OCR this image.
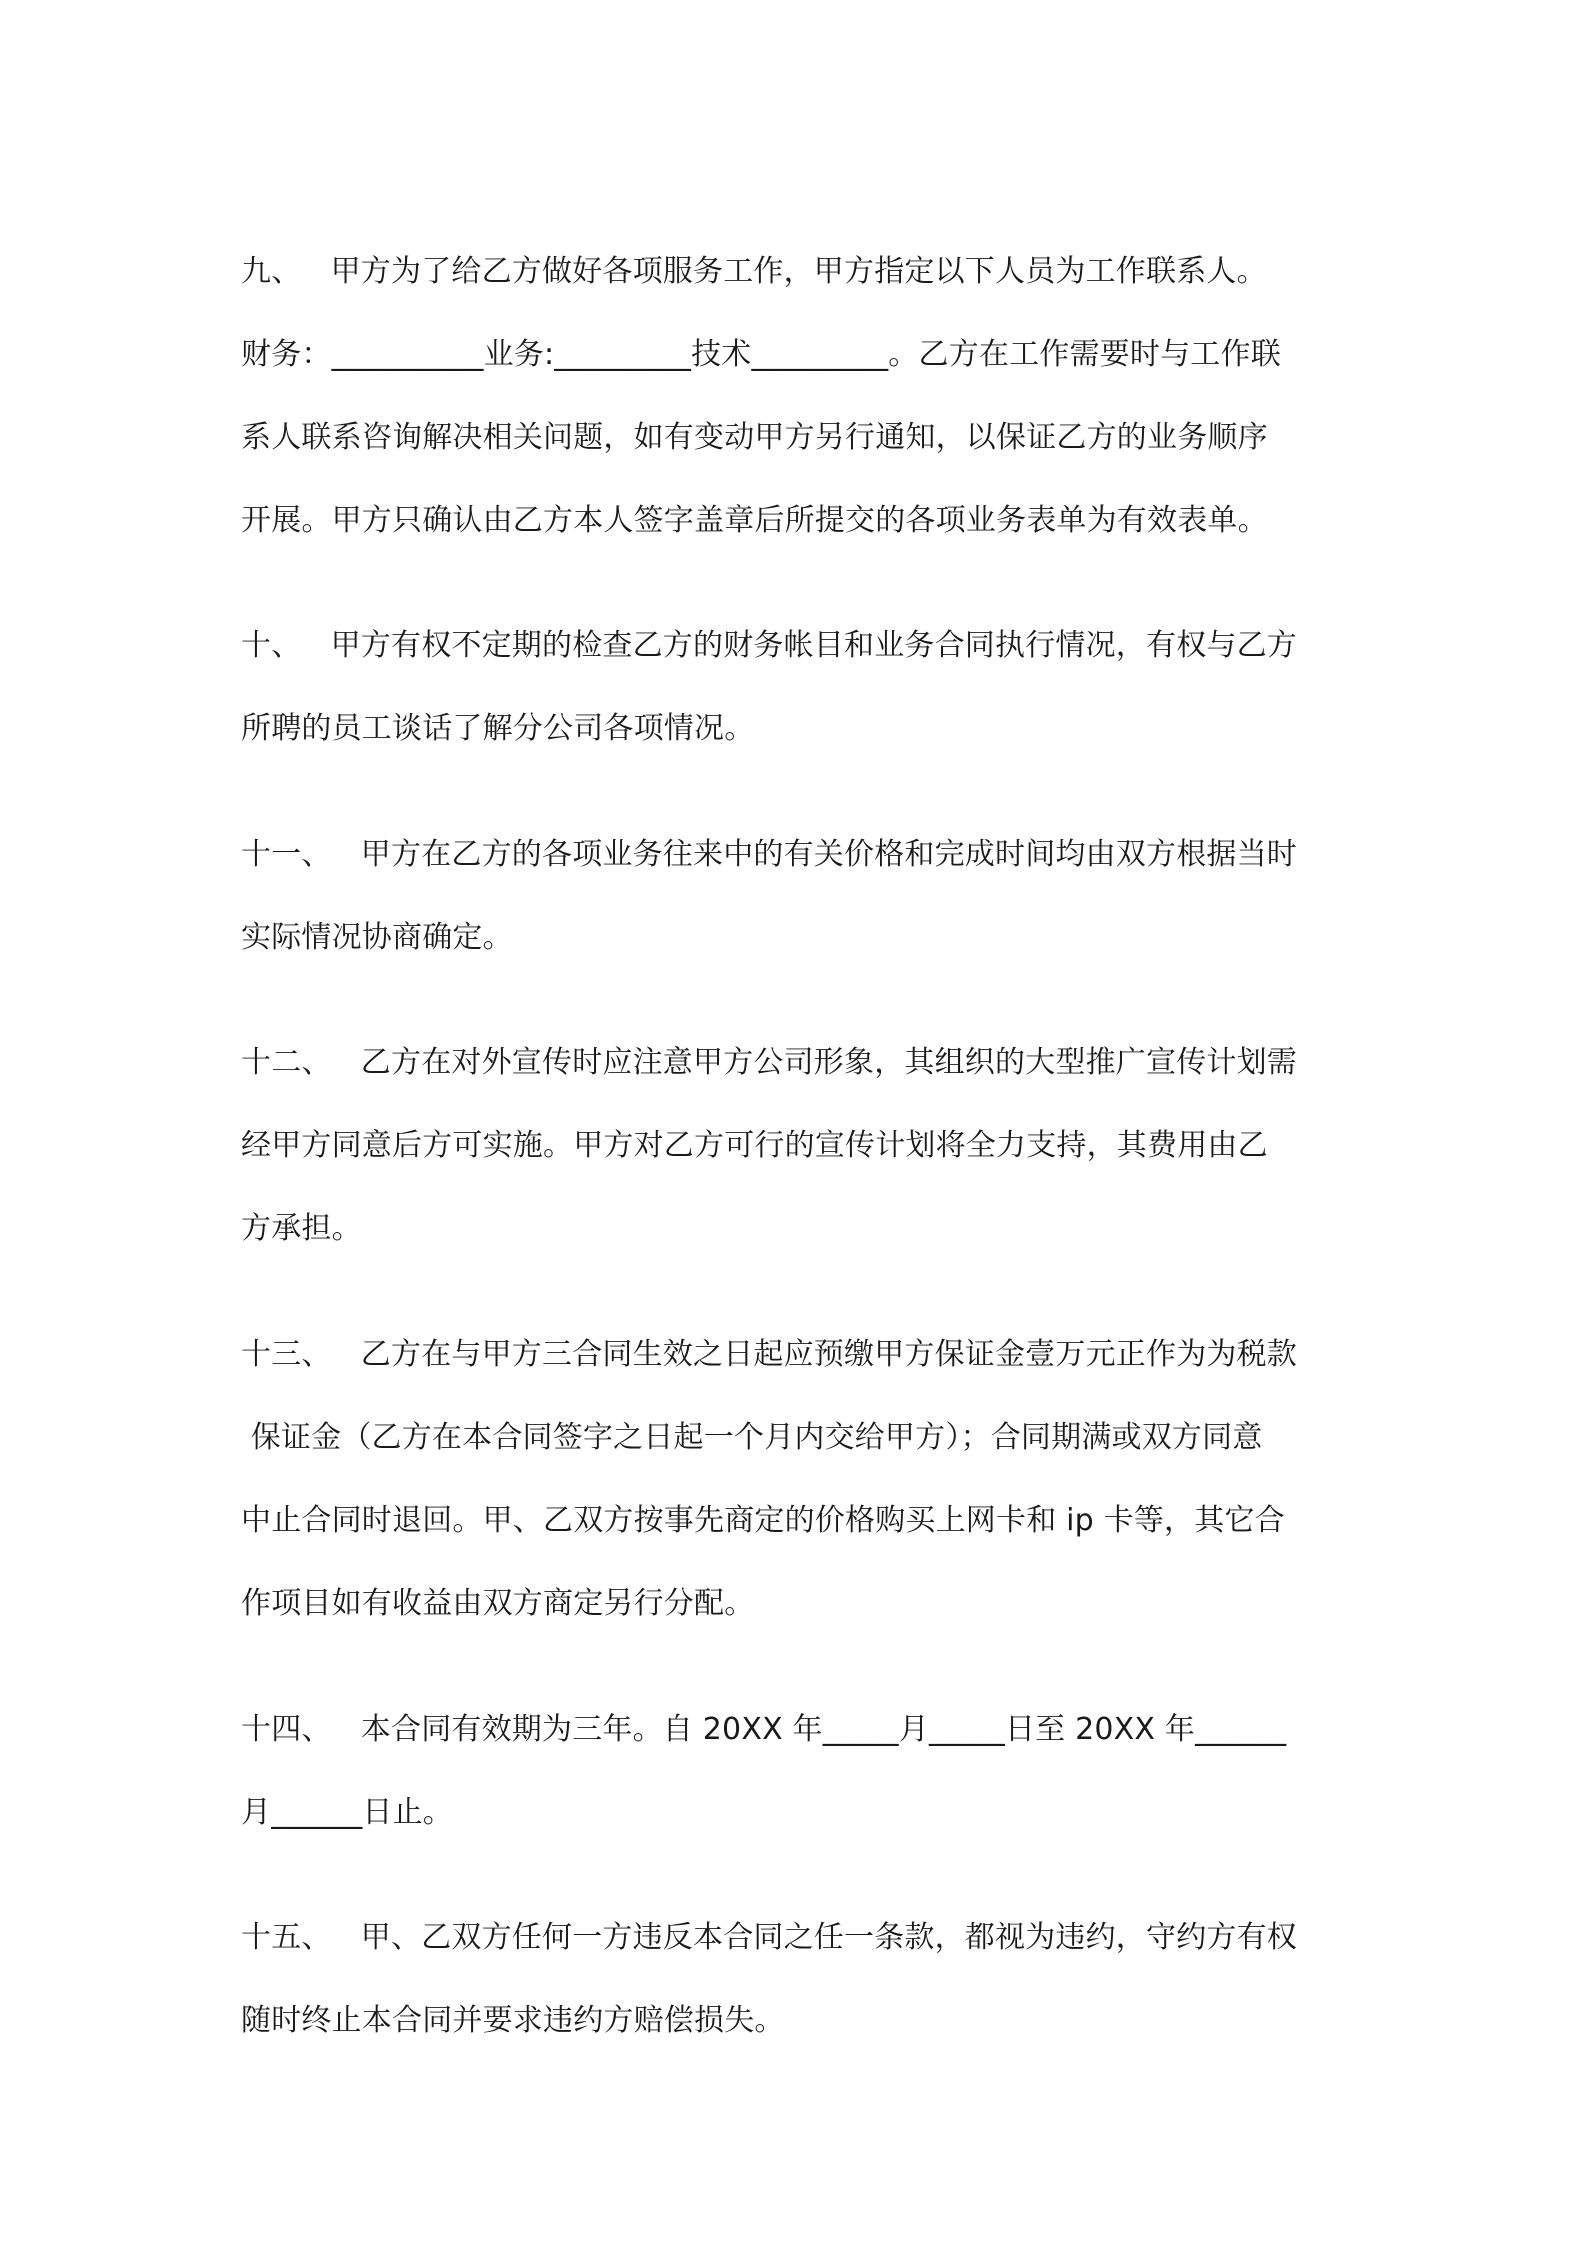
九、   甲方为了给乙方做好各项服务工作，甲方指定以下人员为工作联系人。
财务：__________业务:_________技术_________。乙方在工作需要时与工作联
系人联系咨询解决相关问题，如有变动甲方另行通知，以保证乙方的业务顺序
开展。甲方只确认由乙方本人签字盖章后所提交的各项业务表单为有效表单。
十、   甲方有权不定期的检查乙方的财务帐目和业务合同执行情况，有权与乙方
所聘的员工谈话了解分公司各项情况。
十一、   甲方在乙方的各项业务往来中的有关价格和完成时间均由双方根据当时
实际情况协商确定。
十二、   乙方在对外宣传时应注意甲方公司形象，其组织的大型推广宣传计划需
经甲方同意后方可实施。甲方对乙方可行的宣传计划将全力支持，其费用由乙
方承担。
十三、   乙方在与甲方三合同生效之日起应预缴甲方保证金壹万元正作为为税款
保证金（乙方在本合同签字之日起一个月内交给甲方）；合同期满或双方同意
中止合同时退回。甲、乙双方按事先商定的价格购买上网卡和 ip 卡等，其它合
作项目如有收益由双方商定另行分配。
十四、   本合同有效期为三年。自 20XX 年_____月_____日至 20XX 年______
月______日止。
十五、   甲、乙双方任何一方违反本合同之任一条款，都视为违约，守约方有权
随时终止本合同并要求违约方赔偿损失。
